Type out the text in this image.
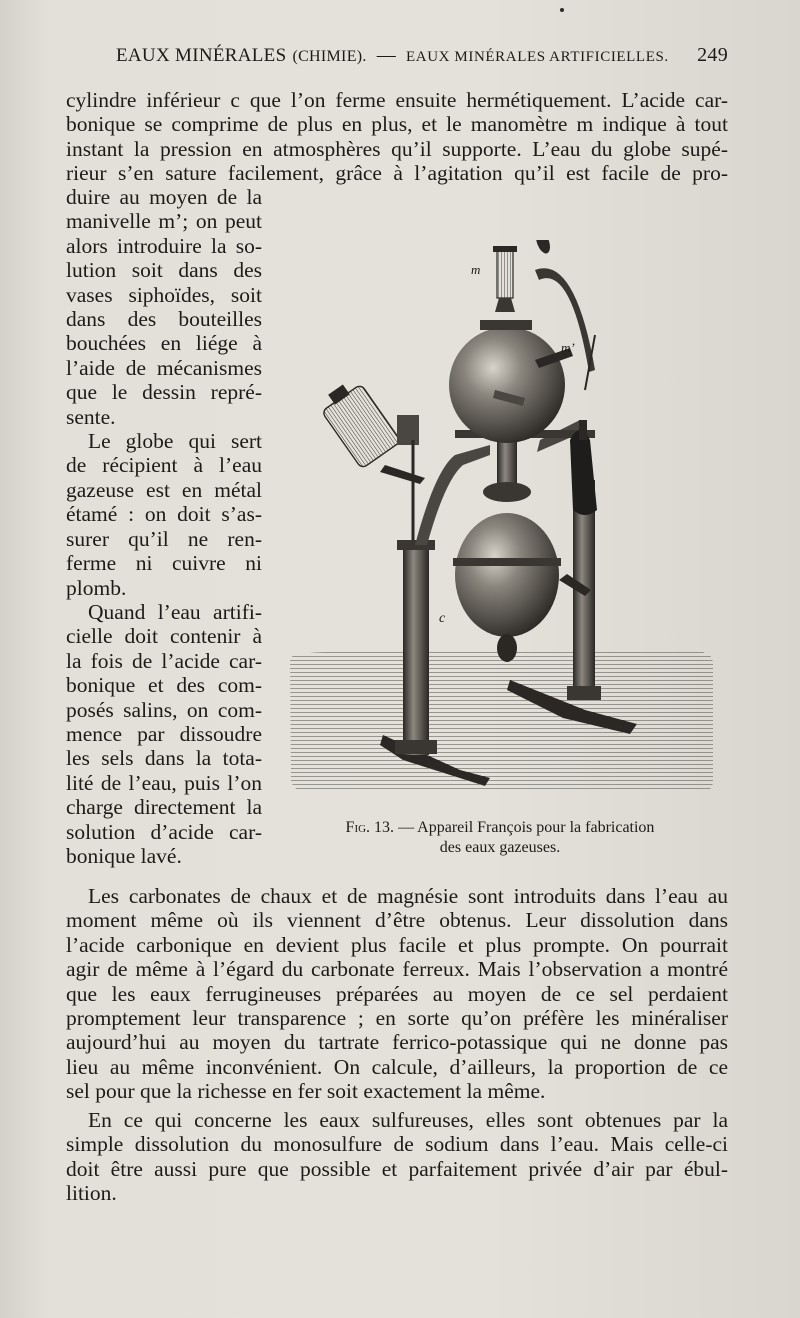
EAUX MINÉRALES (CHIMIE). — EAUX MINÉRALES ARTIFICIELLES.	249
cylindre inférieur c que l’on ferme ensuite hermétiquement. L’acide car-
bonique se comprime de plus en plus, et le manomètre m indique à tout
instant la pression en atmosphères qu’il supporte. L’eau du globe supé-
rieur s’en sature facilement, grâce à l’agitation qu’il est facile de pro-
duire au moyen de la
manivelle m’; on peut
alors introduire la so-
lution soit dans des
vases siphoïdes, soit
dans des bouteilles
bouchées en liége à
l’aide de mécanismes
que le dessin repré-
sente.
Le globe qui sert
de récipient à l’eau
gazeuse est en métal
étamé : on doit s’as-
surer qu’il ne ren-
ferme ni cuivre ni
plomb.
Quand l’eau artifi-
cielle doit contenir à
la fois de l’acide car-
bonique et des com-
posés salins, on com-
mence par dissoudre
les sels dans la tota-
lité de l’eau, puis l’on
charge directement la
solution d’acide car-
bonique lavé.
m
m’
c
Fig. 13. — Appareil François pour la fabrication
des eaux gazeuses.
Les carbonates de chaux et de magnésie sont introduits dans l’eau au
moment même où ils viennent d’être obtenus. Leur dissolution dans
l’acide carbonique en devient plus facile et plus prompte. On pourrait
agir de même à l’égard du carbonate ferreux. Mais l’observation a montré
que les eaux ferrugineuses préparées au moyen de ce sel perdaient
promptement leur transparence ; en sorte qu’on préfère les minéraliser
aujourd’hui au moyen du tartrate ferrico-potassique qui ne donne pas
lieu au même inconvénient. On calcule, d’ailleurs, la proportion de ce
sel pour que la richesse en fer soit exactement la même.
En ce qui concerne les eaux sulfureuses, elles sont obtenues par la
simple dissolution du monosulfure de sodium dans l’eau. Mais celle-ci
doit être aussi pure que possible et parfaitement privée d’air par ébul-
lition.
